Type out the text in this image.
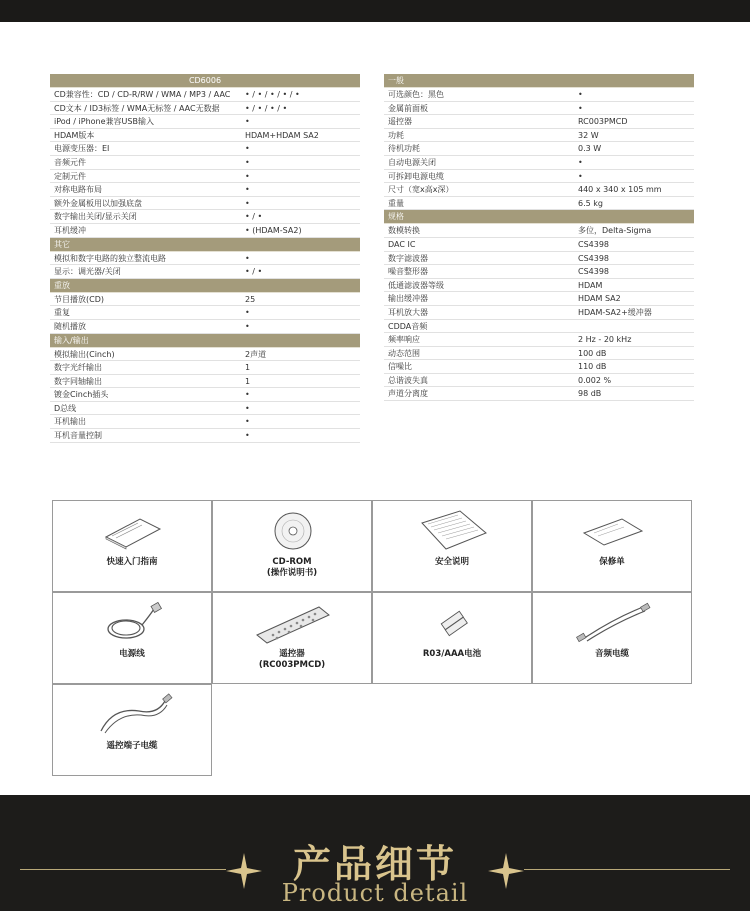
CD6006
CD兼容性：CD / CD-R/RW / WMA / MP3 / AAC	• / • / • / • / •
CD文本 / ID3标签 / WMA无标签 / AAC无数据	• / • / • / •
iPod / iPhone兼容USB输入	•
HDAM版本	HDAM+HDAM SA2
电源变压器：EI	•
音频元件	•
定制元件	•
对称电路布局	•
额外金属板用以加强底盘	•
数字输出关闭/显示关闭	• / •
耳机缓冲	• (HDAM-SA2)
其它
模拟和数字电路的独立整流电路	•
显示：调光器/关闭	• / •
重放
节目播放(CD)	25
重复	•
随机播放	•
输入/输出
模拟输出(Cinch)	2声道
数字光纤输出	1
数字同轴输出	1
镀金Cinch插头	•
D总线	•
耳机输出	•
耳机音量控制	•
一般
可选颜色：黑色	•
金属前面板	•
遥控器	RC003PMCD
功耗	32 W
待机功耗	0.3 W
自动电源关闭	•
可拆卸电源电缆	•
尺寸（宽x高x深）	440 x 340 x 105 mm
重量	6.5 kg
规格
数模转换	多位，Delta-Sigma
DAC IC	CS4398
数字滤波器	CS4398
噪音整形器	CS4398
低通滤波器等级	HDAM
输出缓冲器	HDAM SA2
耳机放大器	HDAM-SA2+缓冲器
CDDA音频
频率响应	2 Hz - 20 kHz
动态范围	100 dB
信噪比	110 dB
总谐波失真	0.002 %
声道分离度	98 dB
快速入门指南	CD-ROM
(操作说明书)
安全说明	保修单
电源线	遥控器
(RC003PMCD)
R03/AAA电池	音频电缆
遥控端子电缆
产品细节
Product detail
